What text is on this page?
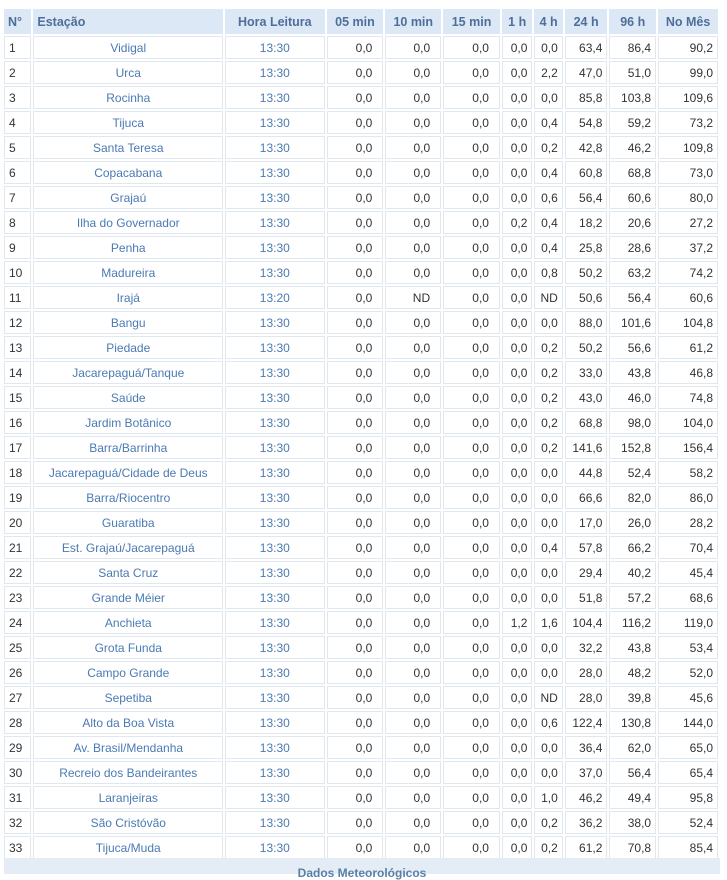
N°	Estação	Hora Leitura	05 min	10 min	15 min	1 h	4 h	24 h	96 h	No Mês
1	Vidigal	13:30	0,0	0,0	0,0	0,0	0,0	63,4	86,4	90,2
2	Urca	13:30	0,0	0,0	0,0	0,0	2,2	47,0	51,0	99,0
3	Rocinha	13:30	0,0	0,0	0,0	0,0	0,0	85,8	103,8	109,6
4	Tijuca	13:30	0,0	0,0	0,0	0,0	0,4	54,8	59,2	73,2
5	Santa Teresa	13:30	0,0	0,0	0,0	0,0	0,2	42,8	46,2	109,8
6	Copacabana	13:30	0,0	0,0	0,0	0,0	0,4	60,8	68,8	73,0
7	Grajaú	13:30	0,0	0,0	0,0	0,0	0,6	56,4	60,6	80,0
8	Ilha do Governador	13:30	0,0	0,0	0,0	0,2	0,4	18,2	20,6	27,2
9	Penha	13:30	0,0	0,0	0,0	0,0	0,4	25,8	28,6	37,2
10	Madureira	13:30	0,0	0,0	0,0	0,0	0,8	50,2	63,2	74,2
11	Irajá	13:20	0,0	ND	0,0	0,0	ND	50,6	56,4	60,6
12	Bangu	13:30	0,0	0,0	0,0	0,0	0,0	88,0	101,6	104,8
13	Piedade	13:30	0,0	0,0	0,0	0,0	0,2	50,2	56,6	61,2
14	Jacarepaguá/Tanque	13:30	0,0	0,0	0,0	0,0	0,2	33,0	43,8	46,8
15	Saúde	13:30	0,0	0,0	0,0	0,0	0,2	43,0	46,0	74,8
16	Jardim Botânico	13:30	0,0	0,0	0,0	0,0	0,2	68,8	98,0	104,0
17	Barra/Barrinha	13:30	0,0	0,0	0,0	0,0	0,2	141,6	152,8	156,4
18	Jacarepaguá/Cidade de Deus	13:30	0,0	0,0	0,0	0,0	0,0	44,8	52,4	58,2
19	Barra/Riocentro	13:30	0,0	0,0	0,0	0,0	0,0	66,6	82,0	86,0
20	Guaratiba	13:30	0,0	0,0	0,0	0,0	0,0	17,0	26,0	28,2
21	Est. Grajaú/Jacarepaguá	13:30	0,0	0,0	0,0	0,0	0,4	57,8	66,2	70,4
22	Santa Cruz	13:30	0,0	0,0	0,0	0,0	0,0	29,4	40,2	45,4
23	Grande Méier	13:30	0,0	0,0	0,0	0,0	0,0	51,8	57,2	68,6
24	Anchieta	13:30	0,0	0,0	0,0	1,2	1,6	104,4	116,2	119,0
25	Grota Funda	13:30	0,0	0,0	0,0	0,0	0,0	32,2	43,8	53,4
26	Campo Grande	13:30	0,0	0,0	0,0	0,0	0,0	28,0	48,2	52,0
27	Sepetiba	13:30	0,0	0,0	0,0	0,0	ND	28,0	39,8	45,6
28	Alto da Boa Vista	13:30	0,0	0,0	0,0	0,0	0,6	122,4	130,8	144,0
29	Av. Brasil/Mendanha	13:30	0,0	0,0	0,0	0,0	0,0	36,4	62,0	65,0
30	Recreio dos Bandeirantes	13:30	0,0	0,0	0,0	0,0	0,0	37,0	56,4	65,4
31	Laranjeiras	13:30	0,0	0,0	0,0	0,0	1,0	46,2	49,4	95,8
32	São Cristóvão	13:30	0,0	0,0	0,0	0,0	0,2	36,2	38,0	52,4
33	Tijuca/Muda	13:30	0,0	0,0	0,0	0,0	0,2	61,2	70,8	85,4
Dados Meteorológicos
